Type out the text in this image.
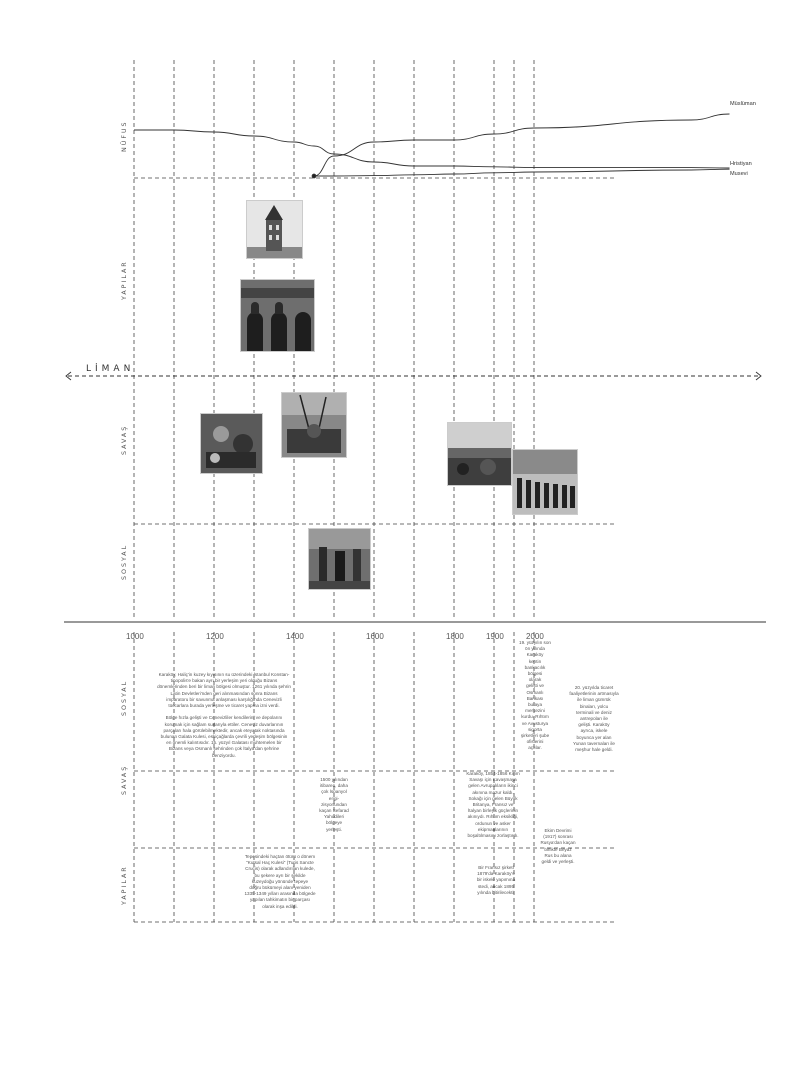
LİMAN
NÜFUS
YAPILAR
SAVAŞ
SOSYAL
Müslüman
Hristiyan
Musevi
1000	1200	1400	1600	1800	1900	2000
SOSYAL
SAVAŞ
YAPILAR
Karaköy, Haliç'in kuzey kıyısının su üzerindeki İstanbul Konstan-
tinopolis'e bakan ayrı bir yerleşim yeri olduğu Bizans
dönemlerinden beri bir liman bölgesi olmuştur. 1261 yılında şehrin
Latin Devletleri'nden geri alınmasından sonra Bizans
imparatoru bir savunma anlaşması karşılığında Cenevizli
tüccarlara burada yerleşme ve ticaret yapma izni verdi.

Bölge hızla gelişti ve Cenevizliler kendilerini ve depolarını
korumak için sağlam surlarıyla ettiler. Ceneviz duvarlarının
parçaları hala görülebilmektedir, ancak eteyatak noktasında
bulunan Galata Kulesi, eskiçağlarda çevrili yerleşim bölgesinin
en önemli kalıntısıdır. 15. yüzyıl Galatası muhtemelen bir
Bizans veya Osmanlı şehrinden çok İtalya'dan şehrine
benziyordu.
19. yüzyılın son
ön yılında
Karaköy
kentin
bankacılık
bölgesi
olarak
gelişti ve
Osmanlı
Bankası
buraya
merkezini
kurdu. Rıhtım
ve Avusturya
sigorta
şirketleri şube
ofislerini
açtılar.
20. yüzyılda ticaret
faaliyetlerinin artmasıyla
ile liman gümrük
binaları, yolcu
terminali ve deniz
antrepoları ile
gelişti. Karaköy
ayrıca, iskele
boyunca yer alan
Yunan tavernaları ile
meşhur hale geldi.
1500 yılından
itibaren, daha
çok İspanyol
engi-
zisyonundan
kaçan Sefarad
Yahudileri
bölgeye
yerleşti.
Karaköy, 1854-1856 Kırım
Savaşı için Kavaşmaya
gelen Avrupalıların ikinci
akınına mazur kaldı.
Sokağı için gelen Büyük
Britanya, Fransız ve
İtalyan birleşik güçlerinin
akınıydı. Rıhtım eksikliği,
ordunun ve asker
ekipmanlarının
boşaltılmasını zorlaştırdı.
Ekim Devrimi
(1917) sonrası
Rusya'dan kaçan
birlikte Beyaz
Rus bu alana
geldi ve yerleşti.
Tepesindeki haçtan ötürü o dönem
"Kutsal Haç Kulesi" (Turis Sancte
Crucis) olarak adlandırılan kulede,
bu şekere ayrı bir şekilde
kuzeydoğu yönünde tepeye
doğru bükümeyi alanı yeniden
1335-1349 yılları arasında bölgede
yapılan tahkimatın bir parçası
olarak inşa edildi.
Bir Fransız şirketi
1879'da Karaköy'e
bir iskele yapımına
stedi, ancak 1895
yılında bitirilecekti.
